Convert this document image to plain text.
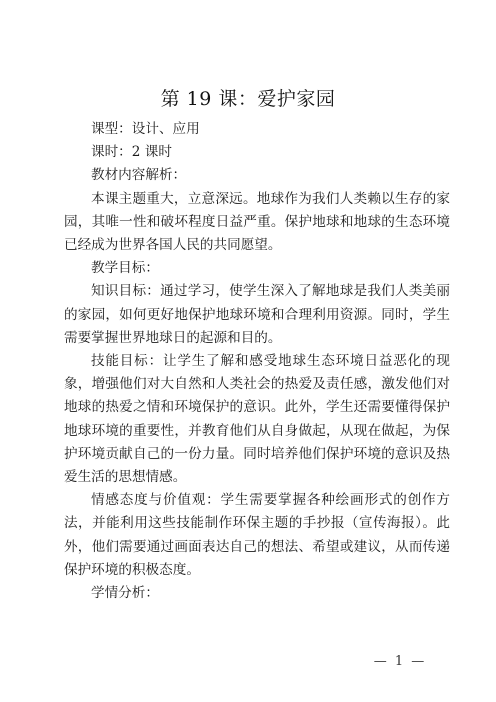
第 19 课：爱护家园

课型：设计、应用

课时：2 课时

教材内容解析：

本课主题重大，立意深远。地球作为我们人类赖以生存的家园，其唯一性和破坏程度日益严重。保护地球和地球的生态环境已经成为世界各国人民的共同愿望。

教学目标：

知识目标：通过学习，使学生深入了解地球是我们人类美丽的家园，如何更好地保护地球环境和合理利用资源。同时，学生需要掌握世界地球日的起源和目的。

技能目标：让学生了解和感受地球生态环境日益恶化的现象，增强他们对大自然和人类社会的热爱及责任感，激发他们对地球的热爱之情和环境保护的意识。此外，学生还需要懂得保护地球环境的重要性，并教育他们从自身做起，从现在做起，为保护环境贡献自己的一份力量。同时培养他们保护环境的意识及热爱生活的思想情感。

情感态度与价值观：学生需要掌握各种绘画形式的创作方法，并能利用这些技能制作环保主题的手抄报（宣传海报）。此外，他们需要通过画面表达自己的想法、希望或建议，从而传递保护环境的积极态度。

学情分析：

— 1 —
